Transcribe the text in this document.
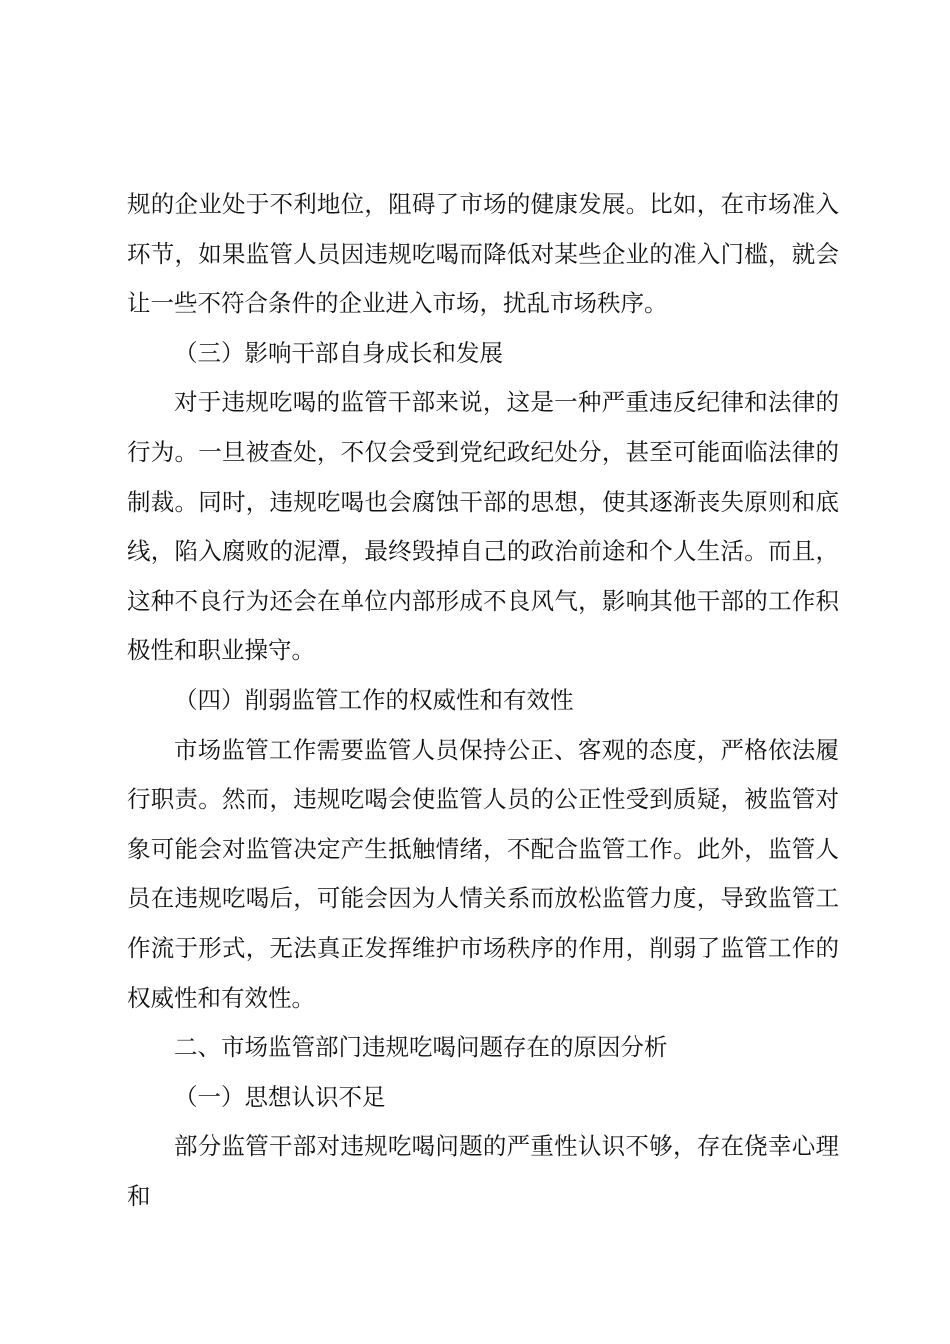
规的企业处于不利地位，阻碍了市场的健康发展。比如，在市场准入环节，如果监管人员因违规吃喝而降低对某些企业的准入门槛，就会让一些不符合条件的企业进入市场，扰乱市场秩序。

（三）影响干部自身成长和发展

对于违规吃喝的监管干部来说，这是一种严重违反纪律和法律的行为。一旦被查处，不仅会受到党纪政纪处分，甚至可能面临法律的制裁。同时，违规吃喝也会腐蚀干部的思想，使其逐渐丧失原则和底线，陷入腐败的泥潭，最终毁掉自己的政治前途和个人生活。而且，这种不良行为还会在单位内部形成不良风气，影响其他干部的工作积极性和职业操守。

（四）削弱监管工作的权威性和有效性

市场监管工作需要监管人员保持公正、客观的态度，严格依法履行职责。然而，违规吃喝会使监管人员的公正性受到质疑，被监管对象可能会对监管决定产生抵触情绪，不配合监管工作。此外，监管人员在违规吃喝后，可能会因为人情关系而放松监管力度，导致监管工作流于形式，无法真正发挥维护市场秩序的作用，削弱了监管工作的权威性和有效性。

二、市场监管部门违规吃喝问题存在的原因分析

（一）思想认识不足

部分监管干部对违规吃喝问题的严重性认识不够，存在侥幸心理和
